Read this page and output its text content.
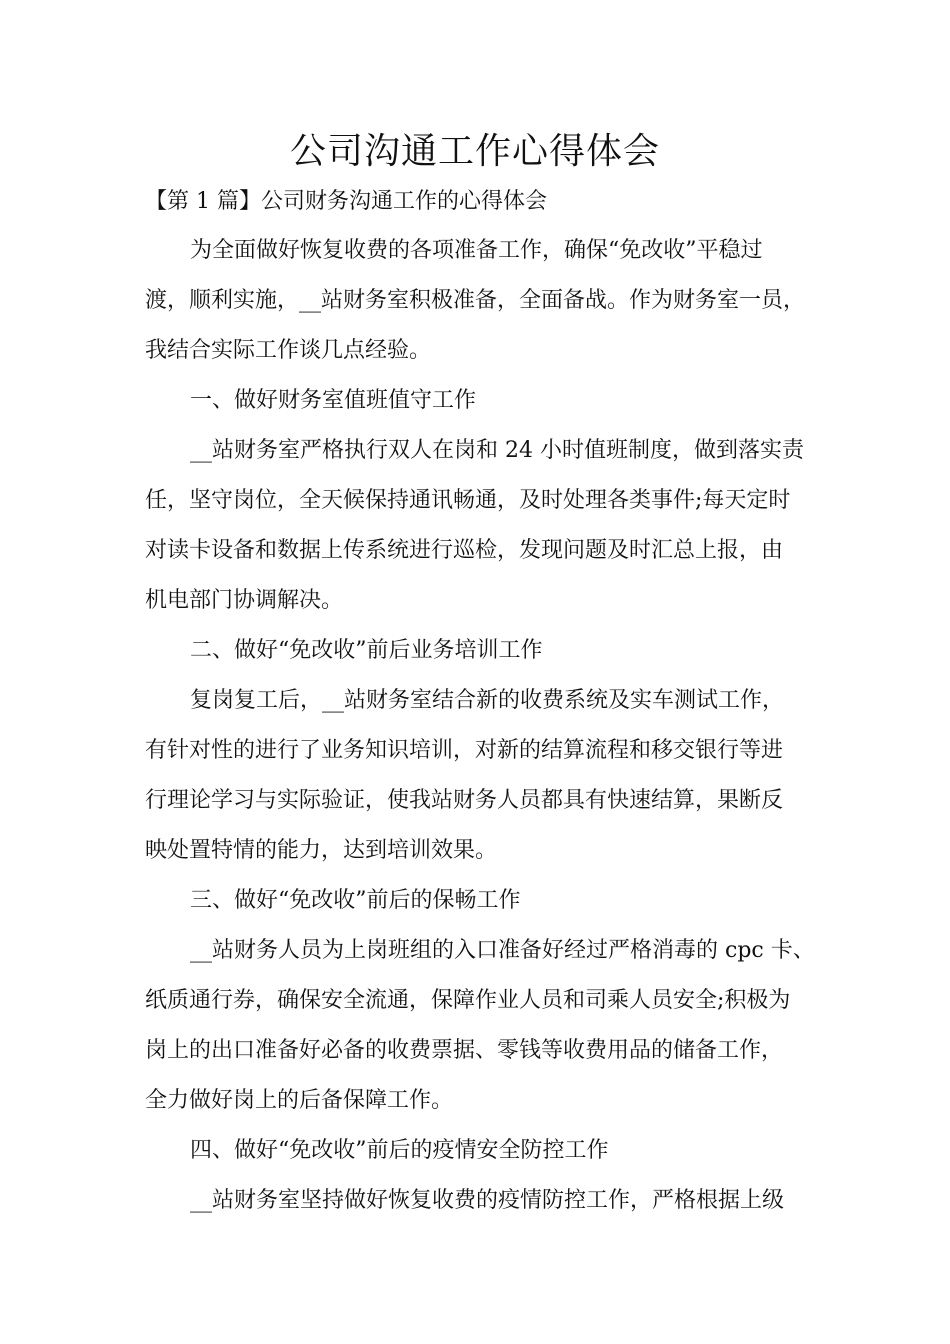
公司沟通工作心得体会
【第 1 篇】公司财务沟通工作的心得体会
为全面做好恢复收费的各项准备工作，确保“免改收”平稳过
渡，顺利实施，__站财务室积极准备，全面备战。作为财务室一员，
我结合实际工作谈几点经验。
一、做好财务室值班值守工作
__站财务室严格执行双人在岗和 24 小时值班制度，做到落实责
任，坚守岗位，全天候保持通讯畅通，及时处理各类事件;每天定时
对读卡设备和数据上传系统进行巡检，发现问题及时汇总上报，由
机电部门协调解决。
二、做好“免改收”前后业务培训工作
复岗复工后，__站财务室结合新的收费系统及实车测试工作，
有针对性的进行了业务知识培训，对新的结算流程和移交银行等进
行理论学习与实际验证，使我站财务人员都具有快速结算，果断反
映处置特情的能力，达到培训效果。
三、做好“免改收”前后的保畅工作
__站财务人员为上岗班组的入口准备好经过严格消毒的 cpc 卡、
纸质通行券，确保安全流通，保障作业人员和司乘人员安全;积极为
岗上的出口准备好必备的收费票据、零钱等收费用品的储备工作，
全力做好岗上的后备保障工作。
四、做好“免改收”前后的疫情安全防控工作
__站财务室坚持做好恢复收费的疫情防控工作，严格根据上级
